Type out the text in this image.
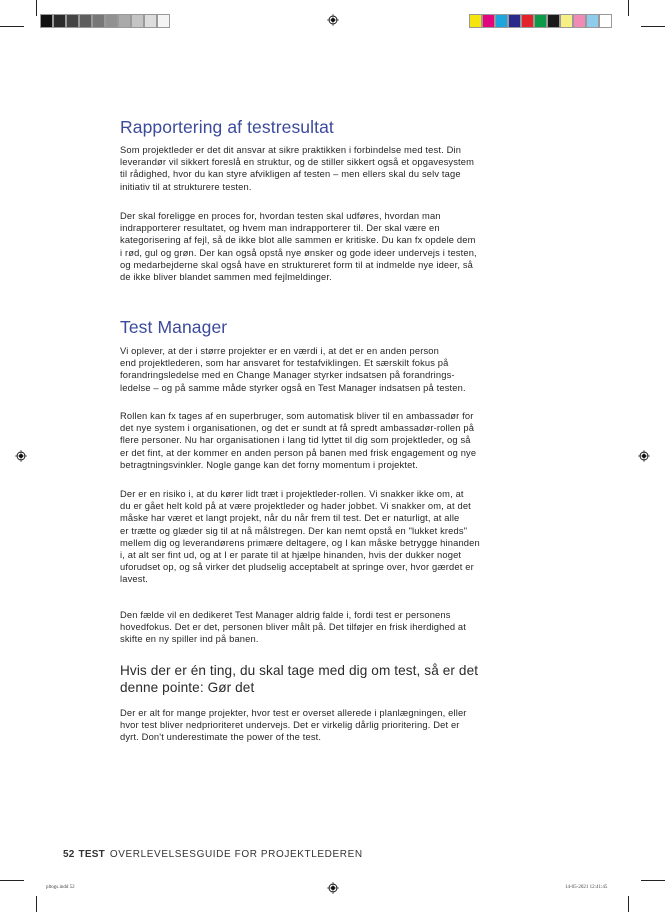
Rapportering af testresultat

Som projektleder er det dit ansvar at sikre praktikken i forbindelse med test. Din
leverandør vil sikkert foreslå en struktur, og de stiller sikkert også et opgavesystem
til rådighed, hvor du kan styre afvikligen af testen – men ellers skal du selv tage
initiativ til at strukturere testen.

Der skal foreligge en proces for, hvordan testen skal udføres, hvordan man
indrapporterer resultatet, og hvem man indrapporterer til. Der skal være en
kategorisering af fejl, så de ikke blot alle sammen er kritiske. Du kan fx opdele dem
i rød, gul og grøn. Der kan også opstå nye ønsker og gode ideer undervejs i testen,
og medarbejderne skal også have en struktureret form til at indmelde nye ideer, så
de ikke bliver blandet sammen med fejlmeldinger.

Test Manager

Vi oplever, at der i større projekter er en værdi i, at det er en anden person
end projektlederen, som har ansvaret for testafviklingen. Et særskilt fokus på
forandringsledelse med en Change Manager styrker indsatsen på forandrings-
ledelse – og på samme måde styrker også en Test Manager indsatsen på testen.

Rollen kan fx tages af en superbruger, som automatisk bliver til en ambassadør for
det nye system i organisationen, og det er sundt at få spredt ambassadør-rollen på
flere personer. Nu har organisationen i lang tid lyttet til dig som projektleder, og så
er det fint, at der kommer en anden person på banen med frisk engagement og nye
betragtningsvinkler. Nogle gange kan det forny momentum i projektet.

Der er en risiko i, at du kører lidt træt i projektleder-rollen. Vi snakker ikke om, at
du er gået helt kold på at være projektleder og hader jobbet. Vi snakker om, at det
måske har været et langt projekt, når du når frem til test. Det er naturligt, at alle
er trætte og glæder sig til at nå målstregen. Der kan nemt opstå en "lukket kreds"
mellem dig og leverandørens primære deltagere, og I kan måske betrygge hinanden
i, at alt ser fint ud, og at I er parate til at hjælpe hinanden, hvis der dukker noget
uforudset op, og så virker det pludselig acceptabelt at springe over, hvor gærdet er
lavest.

Den fælde vil en dedikeret Test Manager aldrig falde i, fordi test er personens
hovedfokus. Det er det, personen bliver målt på. Det tilføjer en frisk iherdighed at
skifte en ny spiller ind på banen.

Hvis der er én ting, du skal tage med dig om test, så er det
denne pointe: Gør det

Der er alt for mange projekter, hvor test er overset allerede i planlægningen, eller
hvor test bliver nedprioriteret undervejs. Det er virkelig dårlig prioritering. Det er
dyrt. Don't underestimate the power of the test.

52 TEST OVERLEVELSESGUIDE FOR PROJEKTLEDEREN
pltogs.indd 52	14-05-2021 12:41:45
